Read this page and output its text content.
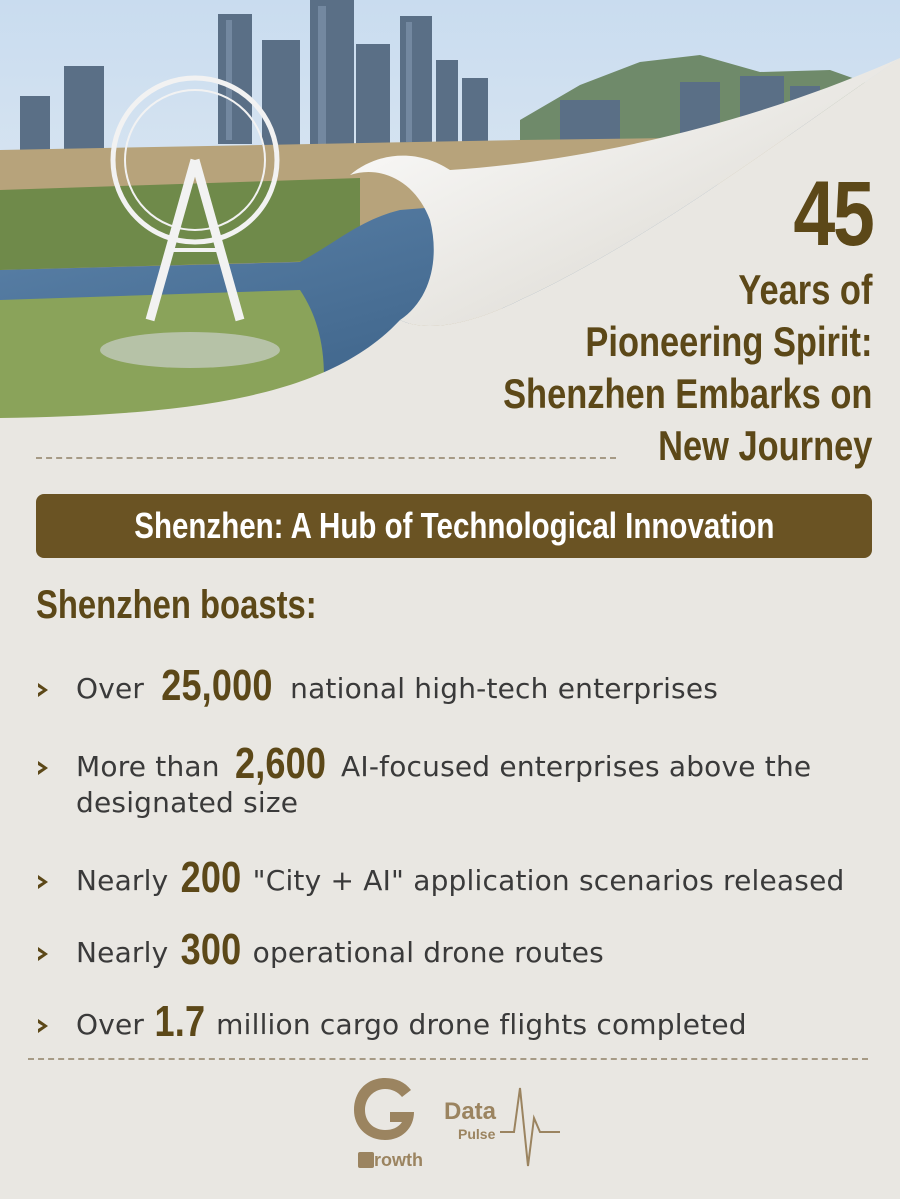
45
Years of
Pioneering Spirit:
Shenzhen Embarks on
New Journey
Shenzhen: A Hub of Technological Innovation
Shenzhen boasts:
Over 25,000 national high-tech enterprises
More than 2,600 AI-focused enterprises above the designated size
Nearly 200 "City + AI" application scenarios released
Nearly 300 operational drone routes
Over 1.7 million cargo drone flights completed
rowth
Data
Pulse
